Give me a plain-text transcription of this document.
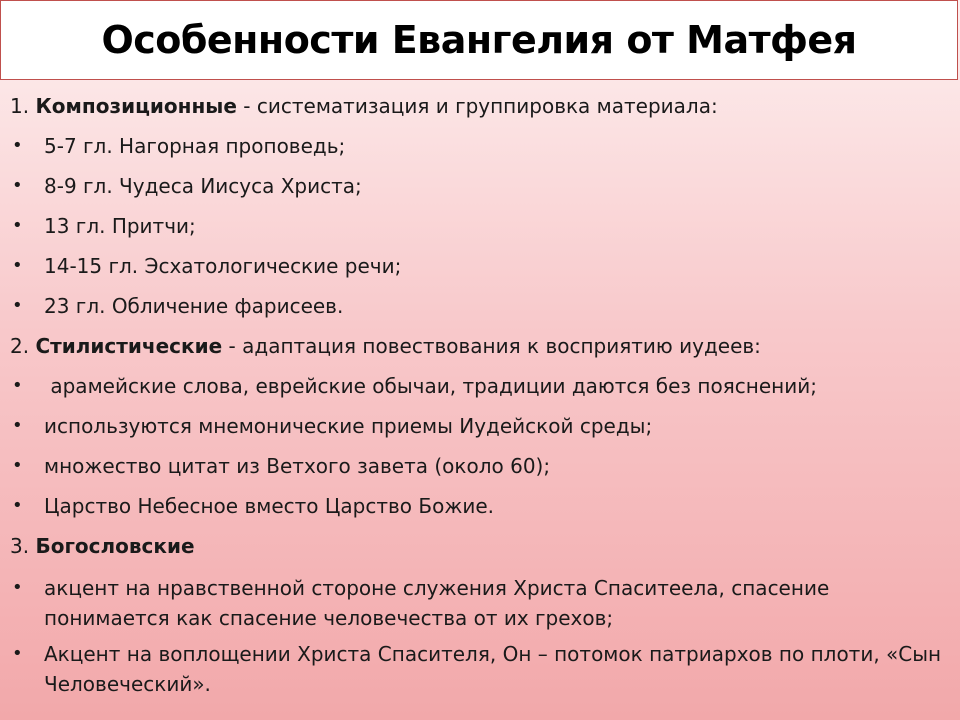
Особенности Евангелия от Матфея
1. Композиционные - систематизация и группировка материала:
• 5-7 гл. Нагорная проповедь;
• 8-9 гл. Чудеса Иисуса Христа;
• 13 гл. Притчи;
• 14-15 гл. Эсхатологические речи;
• 23 гл. Обличение фарисеев.
2. Стилистические - адаптация повествования к восприятию иудеев:
• арамейские слова, еврейские обычаи, традиции даются без пояснений;
• используются мнемонические приемы Иудейской среды;
• множество цитат из Ветхого завета (около 60);
• Царство Небесное вместо Царство Божие.
3. Богословские
• акцент на нравственной стороне служения Христа Спаситеела, спасение понимается как спасение человечества от их грехов;
• Акцент на воплощении Христа Спасителя, Он – потомок патриархов по плоти, «Сын Человеческий».
